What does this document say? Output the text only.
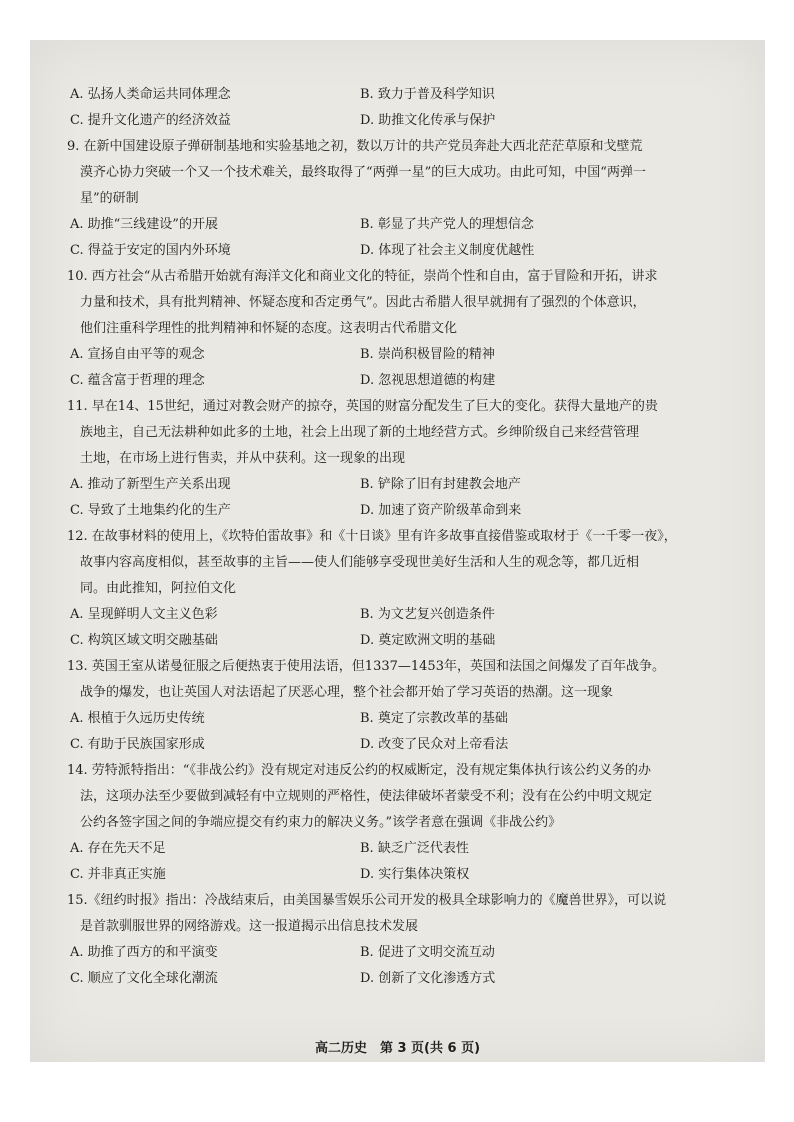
A. 弘扬人类命运共同体理念	B. 致力于普及科学知识
C. 提升文化遗产的经济效益	D. 助推文化传承与保护
9. 在新中国建设原子弹研制基地和实验基地之初，数以万计的共产党员奔赴大西北茫茫草原和戈壁荒
漠齐心协力突破一个又一个技术难关，最终取得了“两弹一星”的巨大成功。由此可知，中国“两弹一
星”的研制
A. 助推“三线建设”的开展	B. 彰显了共产党人的理想信念
C. 得益于安定的国内外环境	D. 体现了社会主义制度优越性
10. 西方社会“从古希腊开始就有海洋文化和商业文化的特征，崇尚个性和自由，富于冒险和开拓，讲求
力量和技术，具有批判精神、怀疑态度和否定勇气”。因此古希腊人很早就拥有了强烈的个体意识，
他们注重科学理性的批判精神和怀疑的态度。这表明古代希腊文化
A. 宣扬自由平等的观念	B. 崇尚积极冒险的精神
C. 蕴含富于哲理的理念	D. 忽视思想道德的构建
11. 早在14、15世纪，通过对教会财产的掠夺，英国的财富分配发生了巨大的变化。获得大量地产的贵
族地主，自己无法耕种如此多的土地，社会上出现了新的土地经营方式。乡绅阶级自己来经营管理
土地，在市场上进行售卖，并从中获利。这一现象的出现
A. 推动了新型生产关系出现	B. 铲除了旧有封建教会地产
C. 导致了土地集约化的生产	D. 加速了资产阶级革命到来
12. 在故事材料的使用上，《坎特伯雷故事》和《十日谈》里有许多故事直接借鉴或取材于《一千零一夜》，
故事内容高度相似，甚至故事的主旨——使人们能够享受现世美好生活和人生的观念等，都几近相
同。由此推知，阿拉伯文化
A. 呈现鲜明人文主义色彩	B. 为文艺复兴创造条件
C. 构筑区域文明交融基础	D. 奠定欧洲文明的基础
13. 英国王室从诺曼征服之后便热衷于使用法语，但1337—1453年，英国和法国之间爆发了百年战争。
战争的爆发，也让英国人对法语起了厌恶心理，整个社会都开始了学习英语的热潮。这一现象
A. 根植于久远历史传统	B. 奠定了宗教改革的基础
C. 有助于民族国家形成	D. 改变了民众对上帝看法
14. 劳特派特指出：“《非战公约》没有规定对违反公约的权威断定，没有规定集体执行该公约义务的办
法，这项办法至少要做到减轻有中立规则的严格性，使法律破坏者蒙受不利；没有在公约中明文规定
公约各签字国之间的争端应提交有约束力的解决义务。”该学者意在强调《非战公约》
A. 存在先天不足	B. 缺乏广泛代表性
C. 并非真正实施	D. 实行集体决策权
15.《纽约时报》指出：冷战结束后，由美国暴雪娱乐公司开发的极具全球影响力的《魔兽世界》，可以说
是首款驯服世界的网络游戏。这一报道揭示出信息技术发展
A. 助推了西方的和平演变	B. 促进了文明交流互动
C. 顺应了文化全球化潮流	D. 创新了文化渗透方式
高二历史　第 3 页(共 6 页)
